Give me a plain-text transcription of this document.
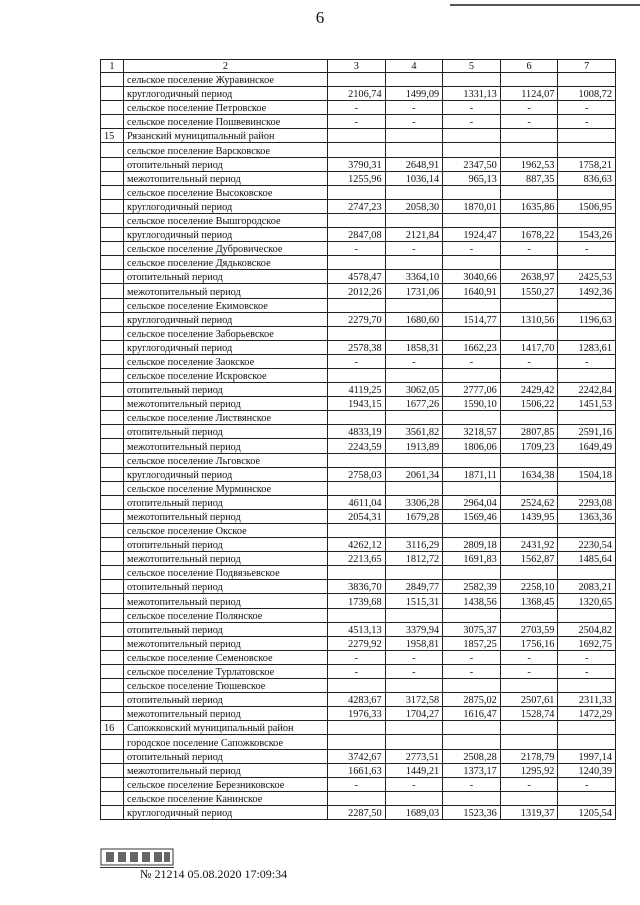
6
1	2	3	4	5	6	7
	сельское поселение Журавинское					
	круглогодичный период	2106,74	1499,09	1331,13	1124,07	1008,72
	сельское поселение Петровское	-	-	-	-	-
	сельское поселение Пошвевинское	-	-	-	-	-
15	Рязанский муниципальный район					
	сельское поселение Варсковское					
	отопительный период	3790,31	2648,91	2347,50	1962,53	1758,21
	межотопительный период	1255,96	1036,14	965,13	887,35	836,63
	сельское поселение Высоковское					
	круглогодичный период	2747,23	2058,30	1870,01	1635,86	1506,95
	сельское поселение Вышгородское					
	круглогодичный период	2847,08	2121,84	1924,47	1678,22	1543,26
	сельское поселение Дубровическое	-	-	-	-	-
	сельское поселение Дядьковское					
	отопительный период	4578,47	3364,10	3040,66	2638,97	2425,53
	межотопительный период	2012,26	1731,06	1640,91	1550,27	1492,36
	сельское поселение Екимовское					
	круглогодичный период	2279,70	1680,60	1514,77	1310,56	1196,63
	сельское поселение Заборьевское					
	круглогодичный период	2578,38	1858,31	1662,23	1417,70	1283,61
	сельское поселение Заокское	-	-	-	-	-
	сельское поселение Искровское					
	отопительный период	4119,25	3062,05	2777,06	2429,42	2242,84
	межотопительный период	1943,15	1677,26	1590,10	1506,22	1451,53
	сельское поселение Листвянское					
	отопительный период	4833,19	3561,82	3218,57	2807,85	2591,16
	межотопительный период	2243,59	1913,89	1806,06	1709,23	1649,49
	сельское поселение Льговское					
	круглогодичный период	2758,03	2061,34	1871,11	1634,38	1504,18
	сельское поселение Мурминское					
	отопительный период	4611,04	3306,28	2964,04	2524,62	2293,08
	межотопительный период	2054,31	1679,28	1569,46	1439,95	1363,36
	сельское поселение Окское					
	отопительный период	4262,12	3116,29	2809,18	2431,92	2230,54
	межотопительный период	2213,65	1812,72	1691,83	1562,87	1485,64
	сельское поселение Подвязьевское					
	отопительный период	3836,70	2849,77	2582,39	2258,10	2083,21
	межотопительный период	1739,68	1515,31	1438,56	1368,45	1320,65
	сельское поселение Полянское					
	отопительный период	4513,13	3379,94	3075,37	2703,59	2504,82
	межотопительный период	2279,92	1958,81	1857,25	1756,16	1692,75
	сельское поселение Семеновское	-	-	-	-	-
	сельское поселение Турлатовское	-	-	-	-	-
	сельское поселение Тюшевское					
	отопительный период	4283,67	3172,58	2875,02	2507,61	2311,33
	межотопительный период	1976,33	1704,27	1616,47	1528,74	1472,29
16	Сапожковский муниципальный район					
	городское поселение Сапожковское					
	отопительный период	3742,67	2773,51	2508,28	2178,79	1997,14
	межотопительный период	1661,63	1449,21	1373,17	1295,92	1240,39
	сельское поселение Березниковское	-	-	-	-	-
	сельское поселение Канинское					
	круглогодичный период	2287,50	1689,03	1523,36	1319,37	1205,54
№ 21214 05.08.2020 17:09:34
